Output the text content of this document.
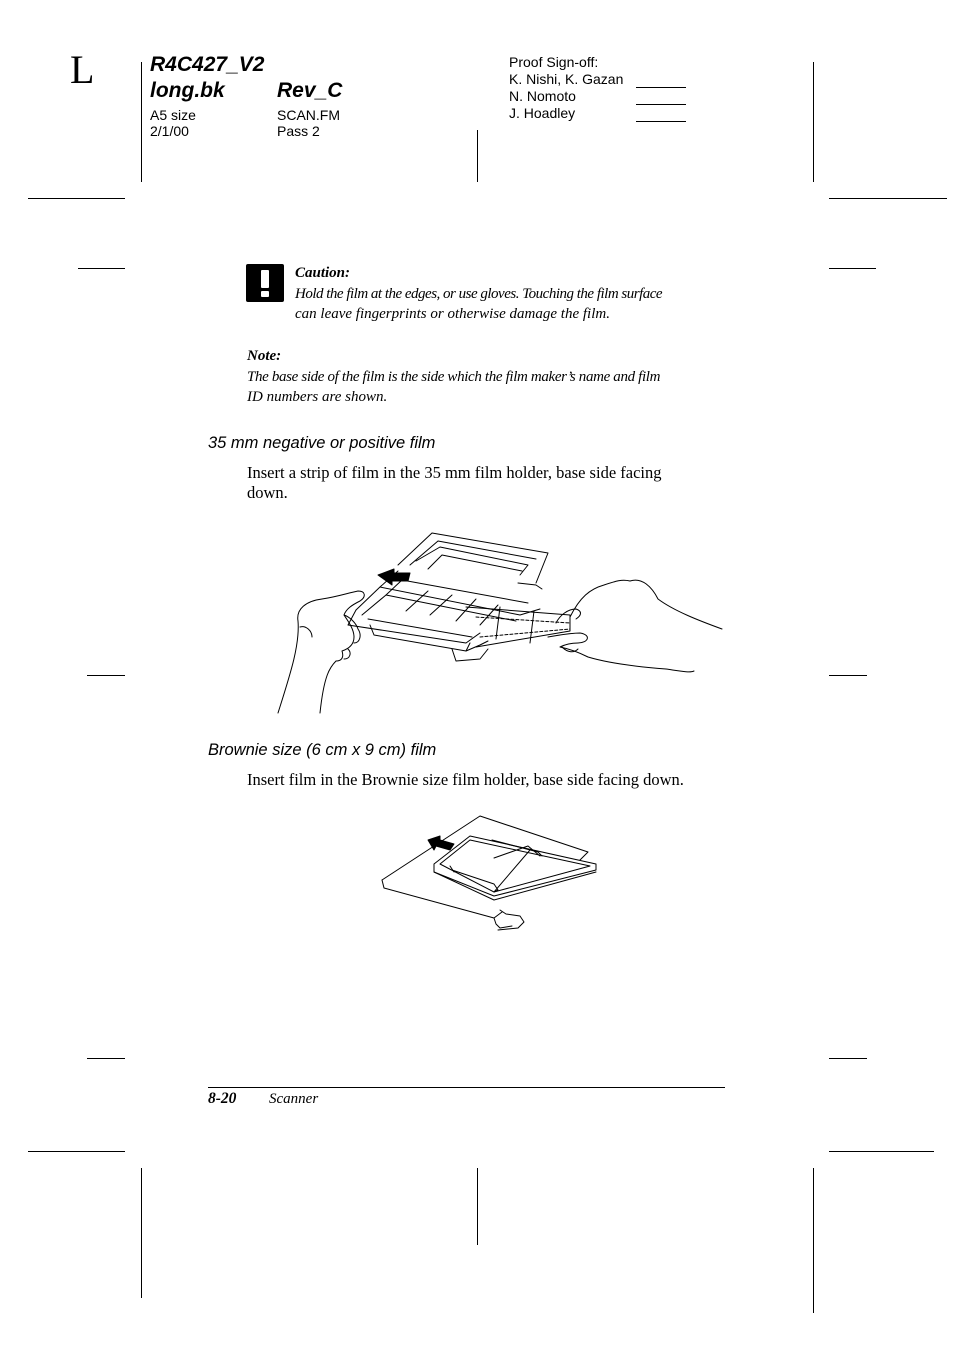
L	R4C427_V2
long.bk Rev_C
A5 size
2/1/00
SCAN.FM
Pass 2
Proof Sign-off:
K. Nishi, K. Gazan
N. Nomoto
J. Hoadley
Caution:
Hold the film at the edges, or use gloves. Touching the film surface
can leave fingerprints or otherwise damage the film.
Note:
The base side of the film is the side which the film maker’s name and film
ID numbers are shown.
35 mm negative or positive film
Insert a strip of film in the 35 mm film holder, base side facing
down.
Brownie size (6 cm x 9 cm) film
Insert film in the Brownie size film holder, base side facing down.
8-20 Scanner
